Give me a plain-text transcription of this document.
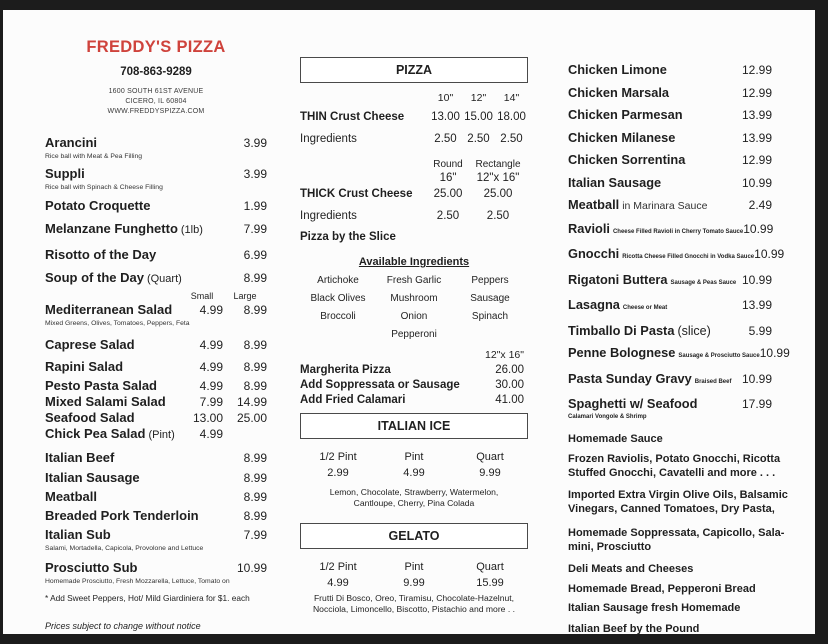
FREDDY'S PIZZA
708-863-9289
1600 SOUTH 61ST AVENUE
CICERO, IL 60804
WWW.FREDDYSPIZZA.COM
Arancini	3.99
Rice ball with Meat & Pea Filling
Suppli	3.99
Rice ball with Spinach & Cheese Filling
Potato Croquette	1.99
Melanzane Funghetto (1lb)	7.99
Risotto of the Day	6.99
Soup of the Day (Quart)	8.99
Small	Large
Mediterranean Salad	4.99	8.99
Mixed Greens, Olives, Tomatoes, Peppers, Feta
Caprese Salad	4.99	8.99
Rapini Salad	4.99	8.99
Pesto Pasta Salad	4.99	8.99
Mixed Salami Salad	7.99	14.99
Seafood Salad	13.00	25.00
Chick Pea Salad (Pint)	4.99
Italian Beef	8.99
Italian Sausage	8.99
Meatball	8.99
Breaded Pork Tenderloin	8.99
Italian Sub	7.99
Salami, Mortadella, Capicola, Provolone and Lettuce
Prosciutto Sub	10.99
Homemade Prosciutto, Fresh Mozzarella, Lettuce, Tomato on
* Add Sweet Peppers, Hot/ Mild Giardiniera for $1. each
Prices subject to change without notice
PIZZA
10"	12"	14"
THIN Crust Cheese	13.00 15.00 18.00
Ingredients	2.50 2.50 2.50
Round	Rectangle
16"	12"x 16"
THICK Crust Cheese	25.00	25.00
Ingredients	2.50	2.50
Pizza by the Slice
Available Ingredients
Artichoke	Fresh Garlic	Peppers
Black Olives	Mushroom	Sausage
Broccoli	Onion	Spinach
Pepperoni
12"x 16"
Margherita Pizza	26.00
Add Soppressata or Sausage	30.00
Add Fried Calamari	41.00
ITALIAN ICE
1/2 Pint	Pint	Quart
2.99	4.99	9.99
Lemon, Chocolate, Strawberry, Watermelon,
Cantloupe, Cherry, Pina Colada
GELATO
1/2 Pint	Pint	Quart
4.99	9.99	15.99
Frutti Di Bosco, Oreo, Tiramisu, Chocolate-Hazelnut,
Nocciola, Limoncello, Biscotto, Pistachio and more . .
Chicken Limone	12.99
Chicken Marsala	12.99
Chicken Parmesan	13.99
Chicken Milanese	13.99
Chicken Sorrentina	12.99
Italian Sausage	10.99
Meatball in Marinara Sauce	2.49
Ravioli Cheese Filled Ravioli in Cherry Tomato Sauce 10.99
Gnocchi Ricotta Cheese Filled Gnocchi in Vodka Sauce 10.99
Rigatoni Buttera Sausage & Peas Sauce 10.99
Lasagna Cheese or Meat	13.99
Timballo Di Pasta (slice)	5.99
Penne Bolognese Sausage & Prosciutto Sauce 10.99
Pasta Sunday Gravy Braised Beef 10.99
Spaghetti w/ Seafood	17.99
Calamari Vongole & Shrimp
Homemade Sauce
Frozen Raviolis, Potato Gnocchi, Ricotta Stuffed Gnocchi, Cavatelli and more . . .
Imported Extra Virgin Olive Oils, Balsamic Vinegars, Canned Tomatoes, Dry Pasta,
Homemade Soppressata, Capicollo, Sala-mini, Prosciutto
Deli Meats and Cheeses
Homemade Bread, Pepperoni Bread
Italian Sausage fresh Homemade
Italian Beef by the Pound
